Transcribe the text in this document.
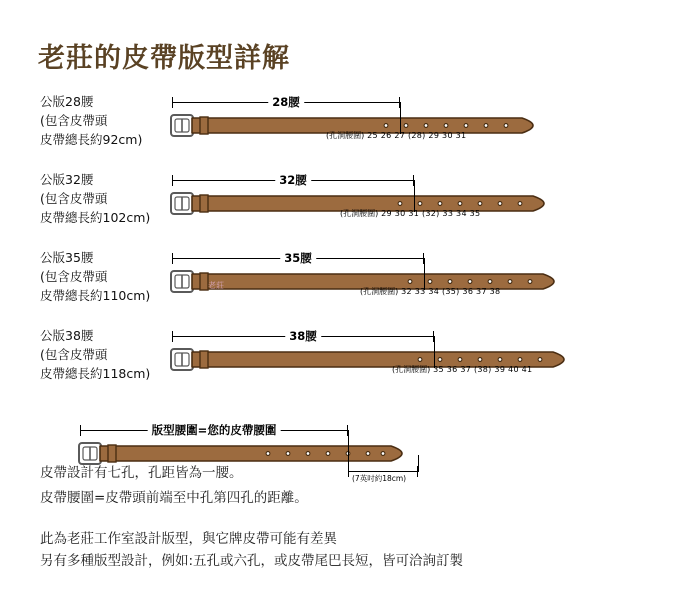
老莊的皮帶版型詳解
公版28腰
(包含皮帶頭
皮帶總長約92cm)
28腰
(孔洞腰圍) 25 26 27 (28) 29 30 31
公版32腰
(包含皮帶頭
皮帶總長約102cm)
32腰
(孔洞腰圍) 29 30 31 (32) 33 34 35
公版35腰
(包含皮帶頭
皮帶總長約110cm)
老莊
35腰
(孔洞腰圍) 32 33 34 (35) 36 37 38
公版38腰
(包含皮帶頭
皮帶總長約118cm)
38腰
(孔洞腰圍) 35 36 37 (38) 39 40 41
版型腰圍=您的皮帶腰圍
(7英吋約18cm)
皮帶設計有七孔，孔距皆為一腰。
皮帶腰圍=皮帶頭前端至中孔第四孔的距離。
此為老莊工作室設計版型，與它牌皮帶可能有差異
另有多種版型設計，例如:五孔或六孔，或皮帶尾巴長短，皆可洽詢訂製
